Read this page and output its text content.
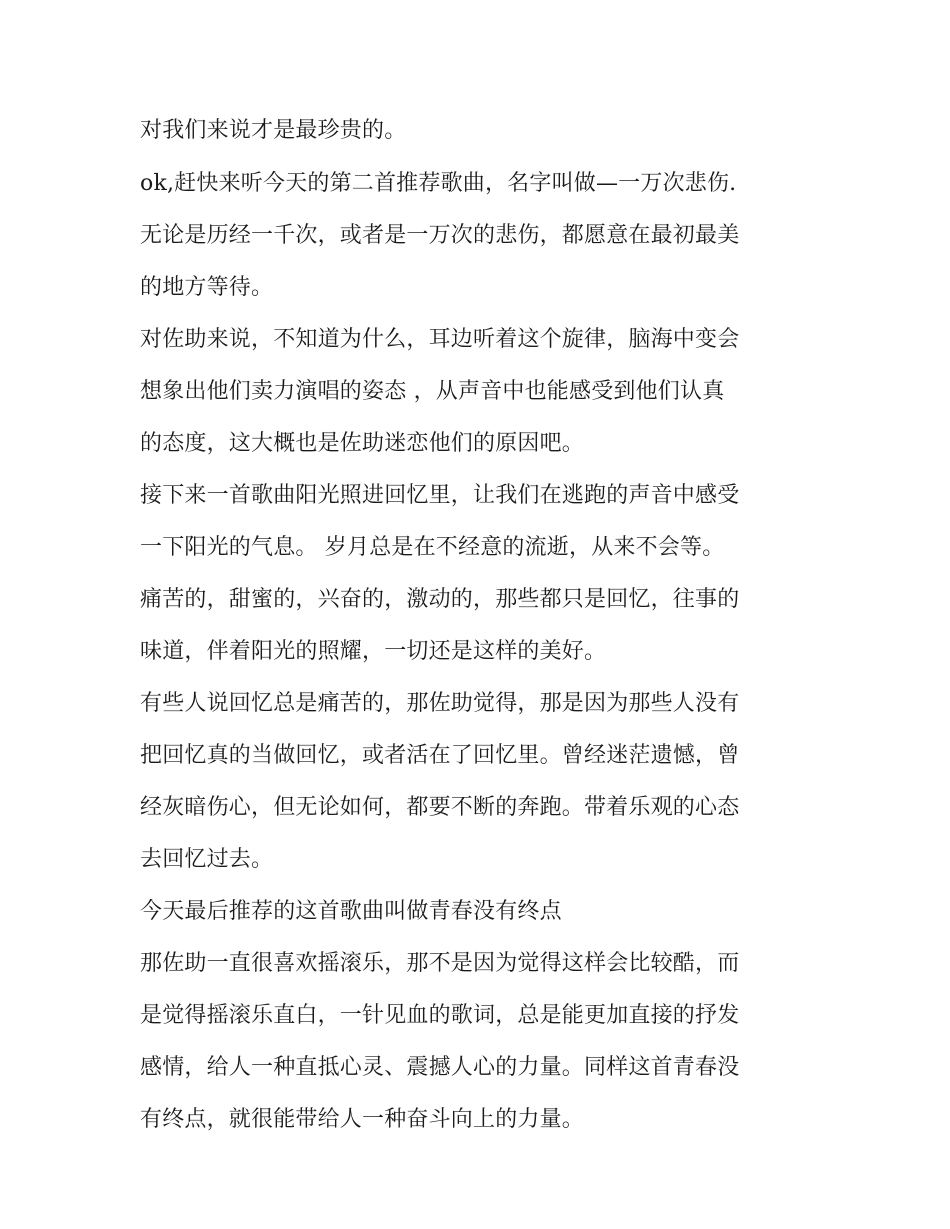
对我们来说才是最珍贵的。

ok,赶快来听今天的第二首推荐歌曲，名字叫做—一万次悲伤.

无论是历经一千次，或者是一万次的悲伤，都愿意在最初最美

的地方等待。

对佐助来说，不知道为什么，耳边听着这个旋律，脑海中变会

想象出他们卖力演唱的姿态 ，从声音中也能感受到他们认真

的态度，这大概也是佐助迷恋他们的原因吧。

接下来一首歌曲阳光照进回忆里，让我们在逃跑的声音中感受

一下阳光的气息。 岁月总是在不经意的流逝，从来不会等。

痛苦的，甜蜜的，兴奋的，激动的，那些都只是回忆，往事的

味道，伴着阳光的照耀，一切还是这样的美好。

有些人说回忆总是痛苦的，那佐助觉得，那是因为那些人没有

把回忆真的当做回忆，或者活在了回忆里。曾经迷茫遗憾，曾

经灰暗伤心，但无论如何，都要不断的奔跑。带着乐观的心态

去回忆过去。

今天最后推荐的这首歌曲叫做青春没有终点

那佐助一直很喜欢摇滚乐，那不是因为觉得这样会比较酷，而

是觉得摇滚乐直白，一针见血的歌词，总是能更加直接的抒发

感情，给人一种直抵心灵、震撼人心的力量。同样这首青春没

有终点，就很能带给人一种奋斗向上的力量。
